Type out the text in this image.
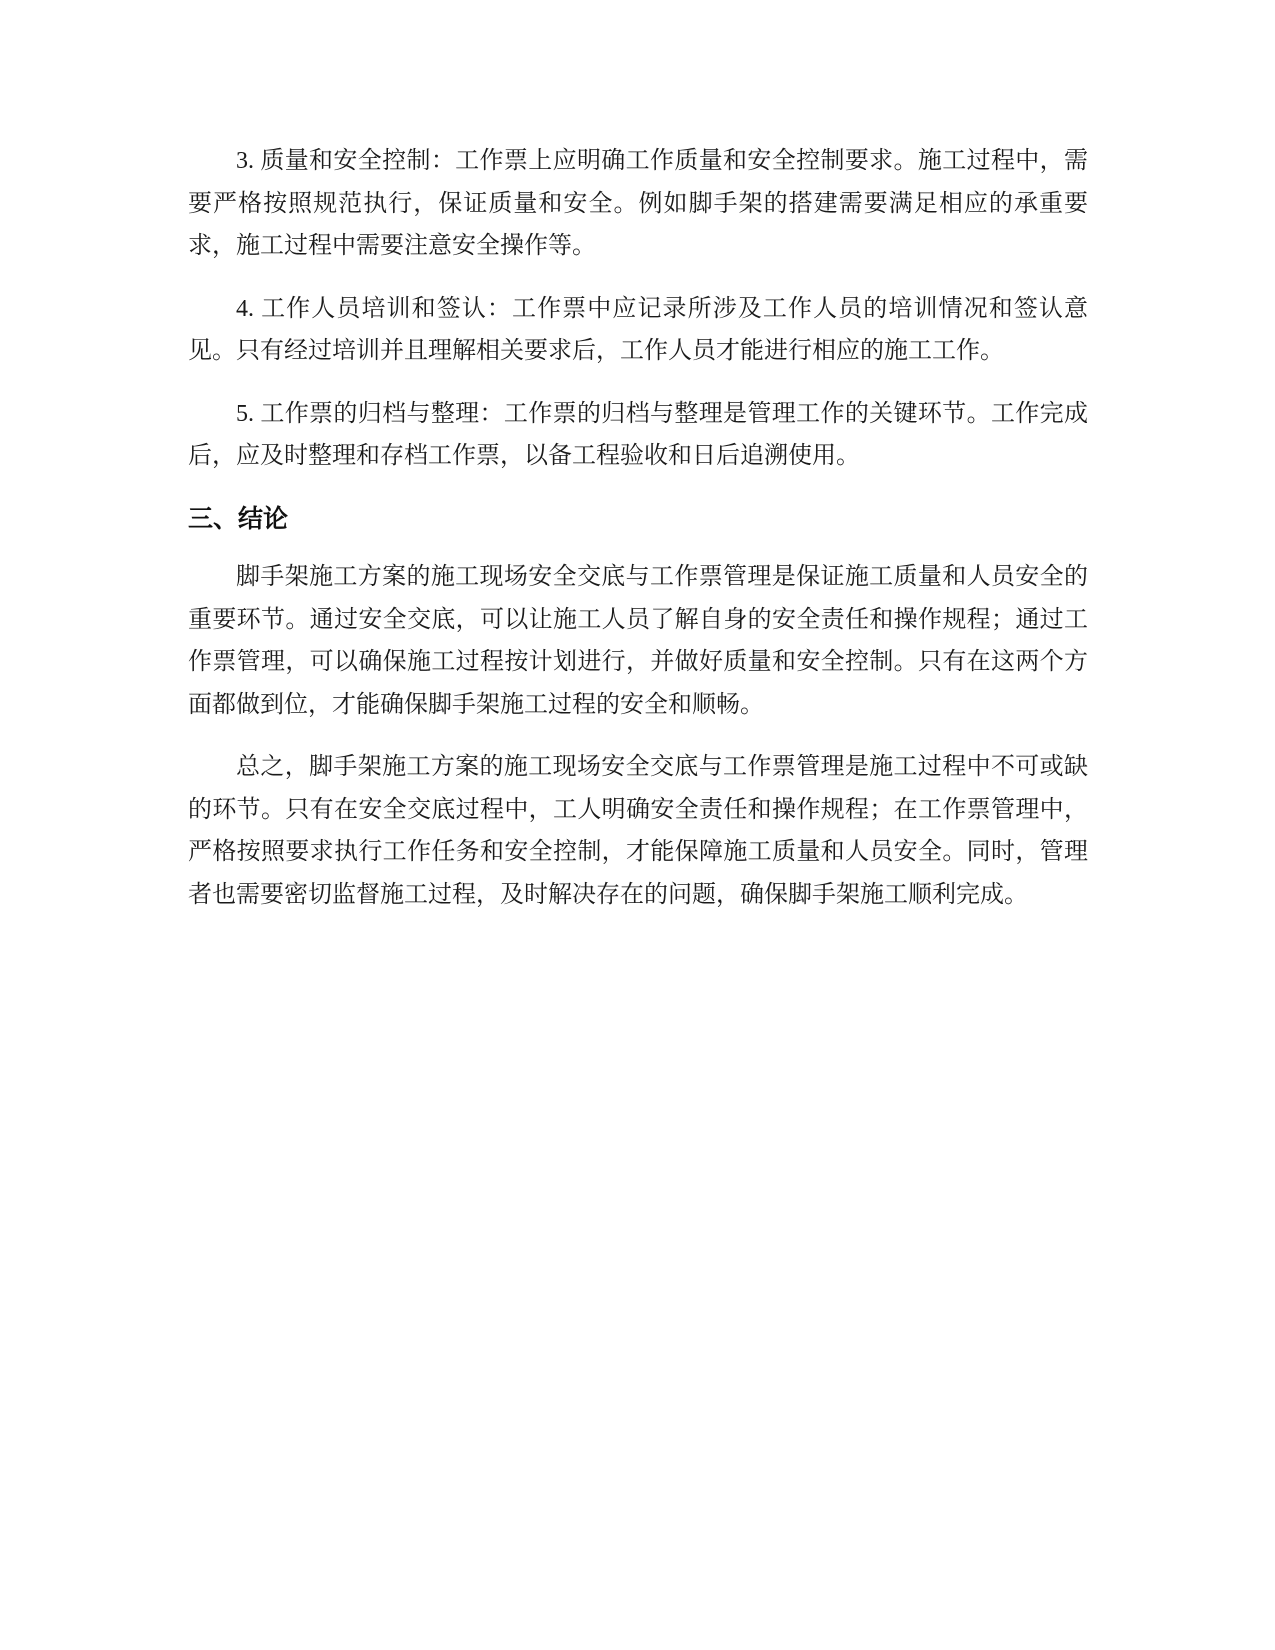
3. 质量和安全控制：工作票上应明确工作质量和安全控制要求。施工过程中，需要严格按照规范执行，保证质量和安全。例如脚手架的搭建需要满足相应的承重要求，施工过程中需要注意安全操作等。

4. 工作人员培训和签认：工作票中应记录所涉及工作人员的培训情况和签认意见。只有经过培训并且理解相关要求后，工作人员才能进行相应的施工工作。

5. 工作票的归档与整理：工作票的归档与整理是管理工作的关键环节。工作完成后，应及时整理和存档工作票，以备工程验收和日后追溯使用。

三、结论

脚手架施工方案的施工现场安全交底与工作票管理是保证施工质量和人员安全的重要环节。通过安全交底，可以让施工人员了解自身的安全责任和操作规程；通过工作票管理，可以确保施工过程按计划进行，并做好质量和安全控制。只有在这两个方面都做到位，才能确保脚手架施工过程的安全和顺畅。

总之，脚手架施工方案的施工现场安全交底与工作票管理是施工过程中不可或缺的环节。只有在安全交底过程中，工人明确安全责任和操作规程；在工作票管理中，严格按照要求执行工作任务和安全控制，才能保障施工质量和人员安全。同时，管理者也需要密切监督施工过程，及时解决存在的问题，确保脚手架施工顺利完成。
